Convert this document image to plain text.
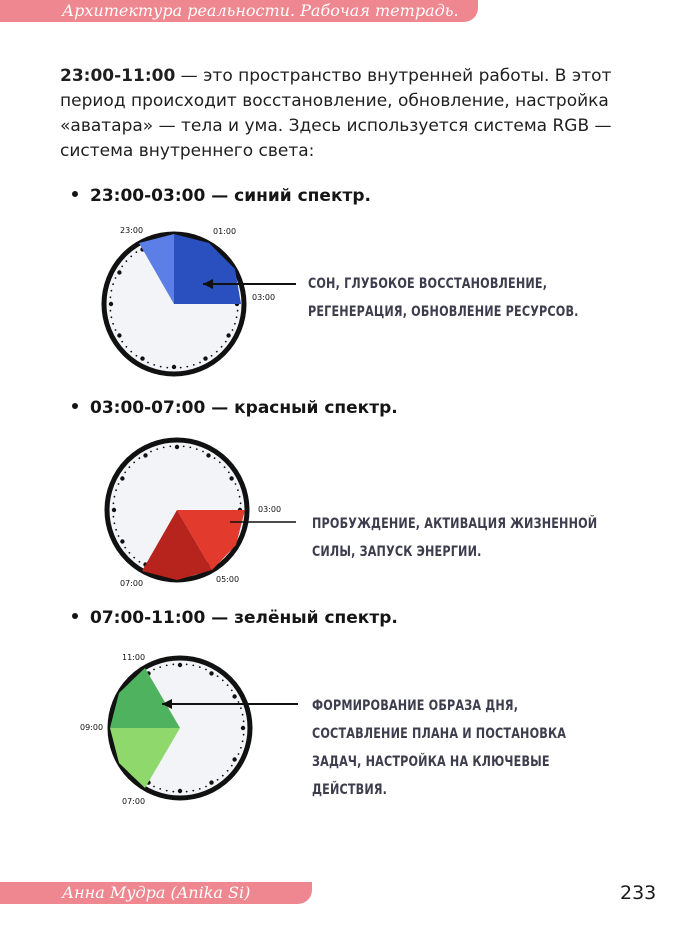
Архитектура реальности. Рабочая тетрадь.
23:00-11:00 — это пространство внутренней работы. В этот период происходит восстановление, обновление, настройка «аватара» — тела и ума. Здесь используется система RGB — система внутреннего света:
23:00-03:00 — синий спектр.
23:00	01:00
03:00
СОН, ГЛУБОКОЕ ВОССТАНОВЛЕНИЕ, РЕГЕНЕРАЦИЯ, ОБНОВЛЕНИЕ РЕСУРСОВ.
03:00-07:00 — красный спектр.
03:00
05:00
07:00
ПРОБУЖДЕНИЕ, АКТИВАЦИЯ ЖИЗНЕННОЙ СИЛЫ, ЗАПУСК ЭНЕРГИИ.
07:00-11:00 — зелёный спектр.
11:00
09:00
07:00
ФОРМИРОВАНИЕ ОБРАЗА ДНЯ, СОСТАВЛЕНИЕ ПЛАНА И ПОСТАНОВКА ЗАДАЧ, НАСТРОЙКА НА КЛЮЧЕВЫЕ ДЕЙСТВИЯ.
Анна Мудра (Anika Si)	233
